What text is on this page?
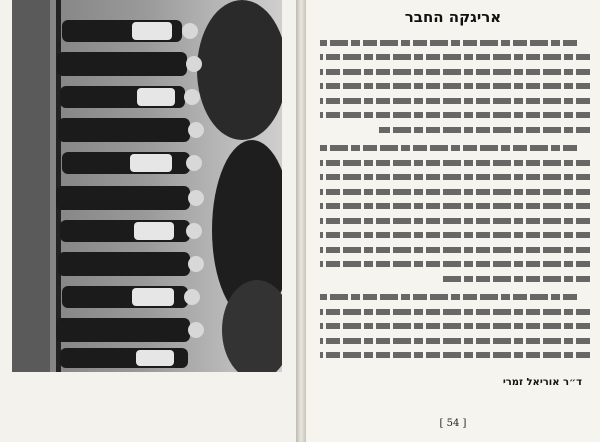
אריגקה החבר
ד״ר אוריאל זמרי
[ 54 ]
